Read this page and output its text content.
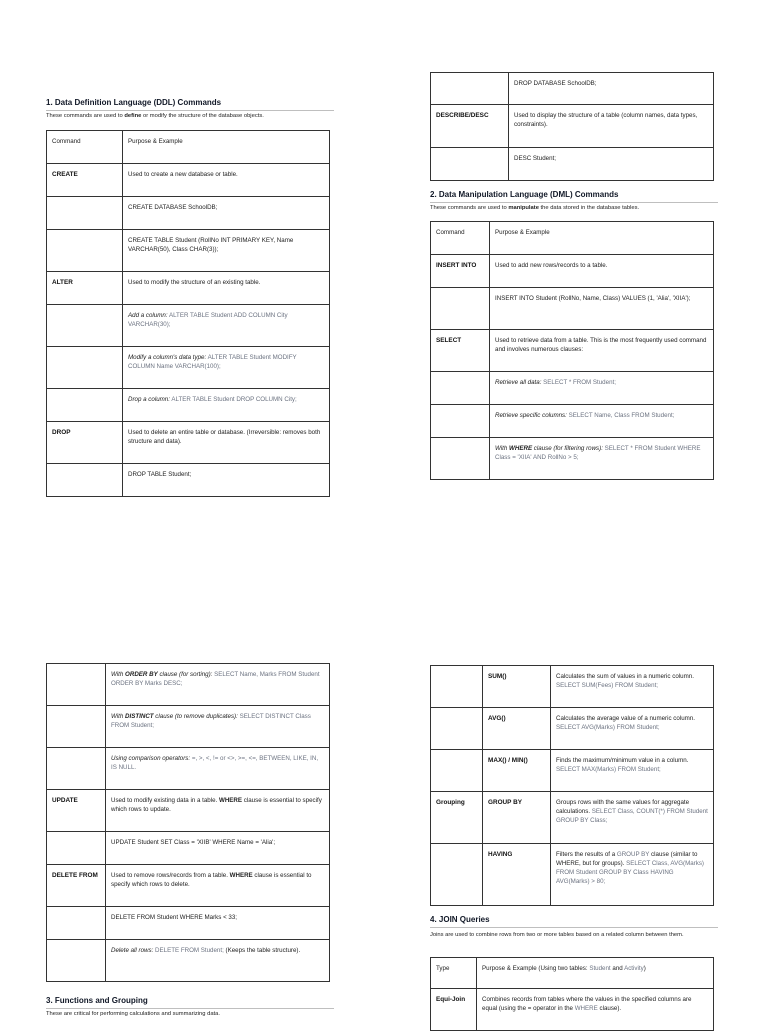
1. Data Definition Language (DDL) Commands
These commands are used to define or modify the structure of the database objects.
Command	Purpose & Example
CREATE	Used to create a new database or table.
	CREATE DATABASE SchoolDB;
	CREATE TABLE Student (RollNo INT PRIMARY KEY, Name VARCHAR(50), Class CHAR(3));
ALTER	Used to modify the structure of an existing table.
	Add a column: ALTER TABLE Student ADD COLUMN City VARCHAR(30);
	Modify a column's data type: ALTER TABLE Student MODIFY COLUMN Name VARCHAR(100);
	Drop a column: ALTER TABLE Student DROP COLUMN City;
DROP	Used to delete an entire table or database. (Irreversible: removes both structure and data).
	DROP TABLE Student;
	DROP DATABASE SchoolDB;
DESCRIBE/DESC	Used to display the structure of a table (column names, data types, constraints).
	DESC Student;
2. Data Manipulation Language (DML) Commands
These commands are used to manipulate the data stored in the database tables.
Command	Purpose & Example
INSERT INTO	Used to add new rows/records to a table.
	INSERT INTO Student (RollNo, Name, Class) VALUES (1, 'Alia', 'XIIA');
SELECT	Used to retrieve data from a table. This is the most frequently used command and involves numerous clauses:
	Retrieve all data: SELECT * FROM Student;
	Retrieve specific columns: SELECT Name, Class FROM Student;
	With WHERE clause (for filtering rows): SELECT * FROM Student WHERE Class = 'XIIA' AND RollNo > 5;
	With ORDER BY clause (for sorting): SELECT Name, Marks FROM Student ORDER BY Marks DESC;
	With DISTINCT clause (to remove duplicates): SELECT DISTINCT Class FROM Student;
	Using comparison operators: =, >, <, != or <>, >=, <=, BETWEEN, LIKE, IN, IS NULL.
UPDATE	Used to modify existing data in a table. WHERE clause is essential to specify which rows to update.
	UPDATE Student SET Class = 'XIIB' WHERE Name = 'Alia';
DELETE FROM	Used to remove rows/records from a table. WHERE clause is essential to specify which rows to delete.
	DELETE FROM Student WHERE Marks < 33;
	Delete all rows: DELETE FROM Student; (Keeps the table structure).
3. Functions and Grouping
These are critical for performing calculations and summarizing data.
	SUM()	Calculates the sum of values in a numeric column. SELECT SUM(Fees) FROM Student;
	AVG()	Calculates the average value of a numeric column. SELECT AVG(Marks) FROM Student;
	MAX() / MIN()	Finds the maximum/minimum value in a column. SELECT MAX(Marks) FROM Student;
Grouping	GROUP BY	Groups rows with the same values for aggregate calculations. SELECT Class, COUNT(*) FROM Student GROUP BY Class;
	HAVING	Filters the results of a GROUP BY clause (similar to WHERE, but for groups). SELECT Class, AVG(Marks) FROM Student GROUP BY Class HAVING AVG(Marks) > 80;
4. JOIN Queries
Joins are used to combine rows from two or more tables based on a related column between them.
Type	Purpose & Example (Using two tables: Student and Activity)
Equi-Join	Combines records from tables where the values in the specified columns are equal (using the = operator in the WHERE clause).
